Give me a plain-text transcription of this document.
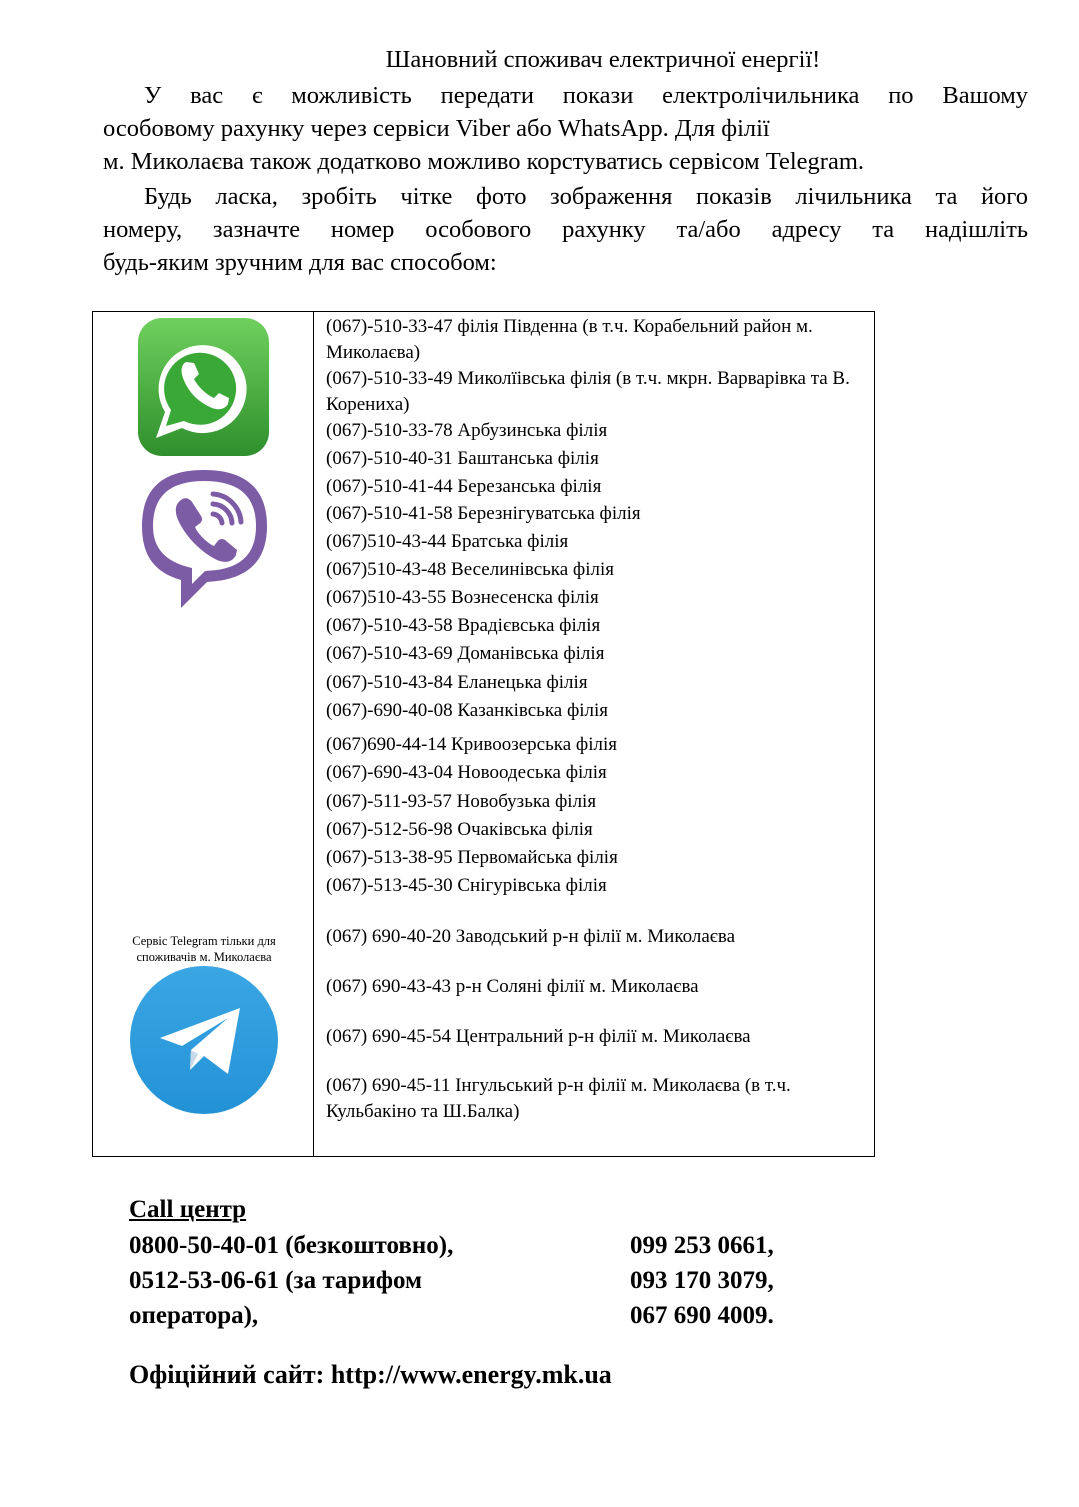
Шановний споживач електричної енергії!
У вас є можливість передати покази електролічильника по Вашому
особовому рахунку через сервіси Viber або WhatsApp. Для філії
м. Миколаєва також додатково можливо корстуватись сервісом Telegram.
Будь ласка, зробіть чітке фото зображення показів лічильника та його
номеру, зазначте номер особового рахунку та/або адресу та надішліть
будь-яким зручним для вас способом:
Сервіс Telegram тільки для споживачів м. Миколаєва
(067)-510-33-47 філія Південна (в т.ч. Корабельний район м. Миколаєва)
(067)-510-33-49 Миколїівська філія (в т.ч. мкрн. Варварівка та В. Корениха)
(067)-510-33-78 Арбузинська філія
(067)-510-40-31 Баштанська філія
(067)-510-41-44 Березанська філія
(067)-510-41-58 Березнігуватська філія
(067)510-43-44 Братська філія
(067)510-43-48 Веселинівська філія
(067)510-43-55 Вознесенска філія
(067)-510-43-58 Врадієвська філія
(067)-510-43-69 Доманівська філія
(067)-510-43-84 Еланецька філія
(067)-690-40-08 Казанківська філія
(067)690-44-14 Кривоозерська філія
(067)-690-43-04 Новоодеська філія
(067)-511-93-57 Новобузька філія
(067)-512-56-98 Очаківська філія
(067)-513-38-95 Первомайська філія
(067)-513-45-30 Снігурівська філія
(067) 690-40-20 Заводський р-н філії м. Миколаєва
(067) 690-43-43 р-н Соляні філії м. Миколаєва
(067) 690-45-54 Центральний р-н філії м. Миколаєва
(067) 690-45-11 Інгульський р-н філії м. Миколаєва (в т.ч. Кульбакіно та Ш.Балка)
Call центр
0800-50-40-01 (безкоштовно),
0512-53-06-61 (за тарифом
оператора),
099 253 0661,
093 170 3079,
067 690 4009.
Офіційний сайт: http://www.energy.mk.ua
